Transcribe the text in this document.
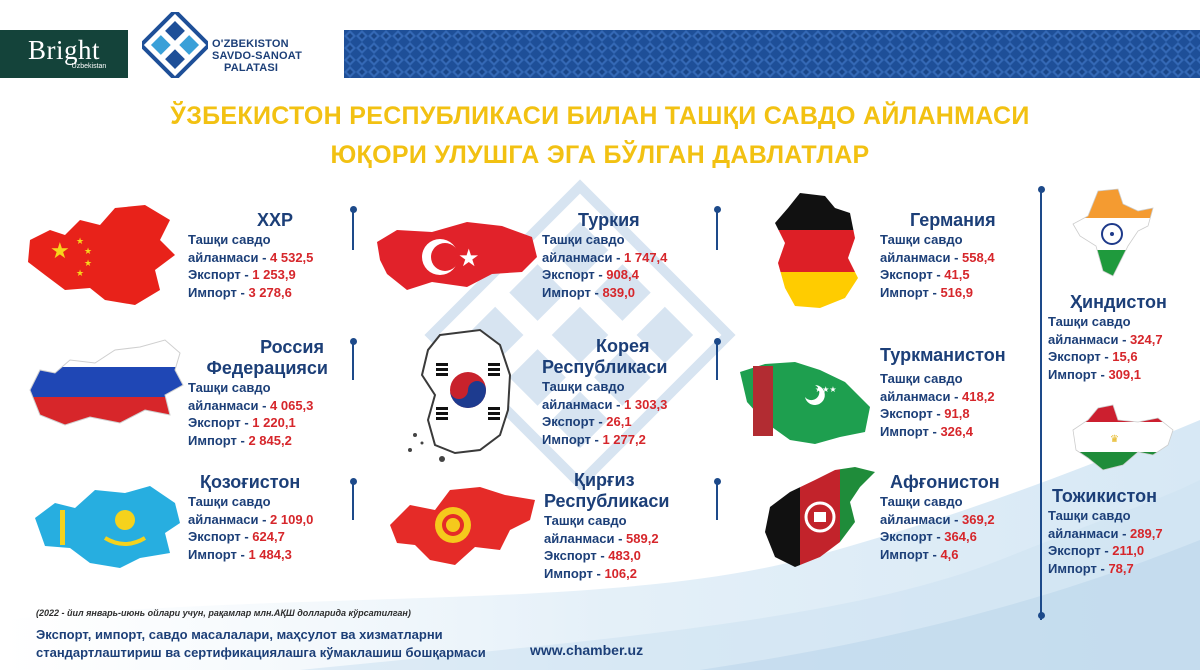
Bright
Uzbekistan
O'ZBEKISTON
SAVDO-SANOAT
PALATASI
ЎЗБЕКИСТОН РЕСПУБЛИКАСИ БИЛАН ТАШҚИ САВДО АЙЛАНМАСИ
ЮҚОРИ УЛУШГА ЭГА БЎЛГАН ДАВЛАТЛАР
★ ★
★
★
★
★
★★★
♛
ХХР
Ташқи савдо
айланмаси - 4 532,5
Экспорт - 1 253,9
Импорт - 3 278,6
Россия
Федерацияси
Ташқи савдо
айланмаси - 4 065,3
Экспорт - 1 220,1
Импорт - 2 845,2
Қозоғистон
Ташқи савдо
айланмаси - 2 109,0
Экспорт - 624,7
Импорт - 1 484,3
Туркия
Ташқи савдо
айланмаси - 1 747,4
Экспорт - 908,4
Импорт - 839,0
Корея
Республикаси
Ташқи савдо
айланмаси - 1 303,3
Экспорт - 26,1
Импорт - 1 277,2
Қирғиз
Республикаси
Ташқи савдо
айланмаси - 589,2
Экспорт - 483,0
Импорт - 106,2
Германия
Ташқи савдо
айланмаси - 558,4
Экспорт - 41,5
Импорт - 516,9
Туркманистон
Ташқи савдо
айланмаси - 418,2
Экспорт - 91,8
Импорт - 326,4
Афғонистон
Ташқи савдо
айланмаси - 369,2
Экспорт - 364,6
Импорт - 4,6
Ҳиндистон
Ташқи савдо
айланмаси - 324,7
Экспорт - 15,6
Импорт - 309,1
Тожикистон
Ташқи савдо
айланмаси - 289,7
Экспорт - 211,0
Импорт - 78,7
(2022 - йил январь-июнь ойлари учун, рақамлар млн.АҚШ долларида кўрсатилган)
Экспорт, импорт, савдо масалалари, маҳсулот ва хизматларни
стандартлаштириш ва сертификациялашга кўмаклашиш бошқармаси	www.chamber.uz
